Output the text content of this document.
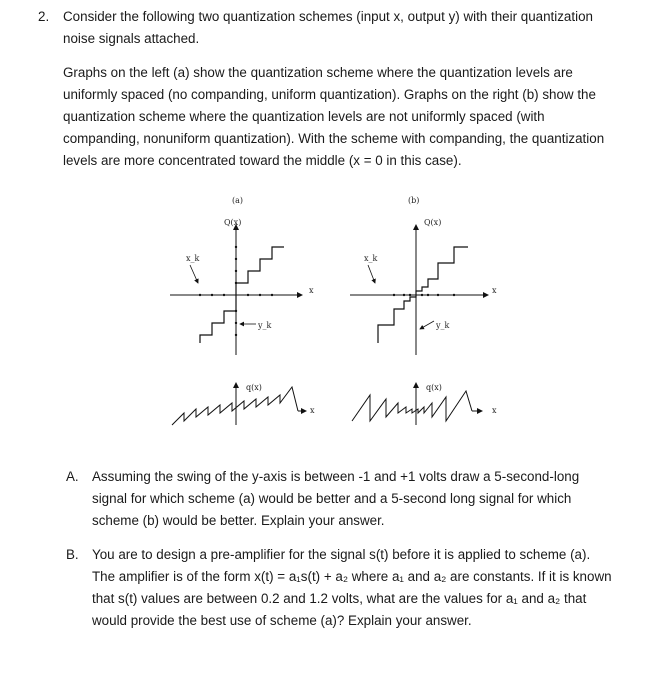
2. Consider the following two quantization schemes (input x, output y) with their quantization noise signals attached.
Graphs on the left (a) show the quantization scheme where the quantization levels are uniformly spaced (no companding, uniform quantization). Graphs on the right (b) show the quantization scheme where the quantization levels are not uniformly spaced (with companding, nonuniform quantization). With the scheme with companding, the quantization levels are more concentrated toward the middle (x = 0 in this case).
(a)
Q(x)
x_k
x
y_k
q(x)
x
(b)
Q(x)
x_k
x
y_k
q(x)
x
A. Assuming the swing of the y-axis is between -1 and +1 volts draw a 5-second-long signal for which scheme (a) would be better and a 5-second long signal for which scheme (b) would be better. Explain your answer.
B. You are to design a pre-amplifier for the signal s(t) before it is applied to scheme (a). The amplifier is of the form x(t) = a₁s(t) + a₂ where a₁ and a₂ are constants. If it is known that s(t) values are between 0.2 and 1.2 volts, what are the values for a₁ and a₂ that would provide the best use of scheme (a)? Explain your answer.
